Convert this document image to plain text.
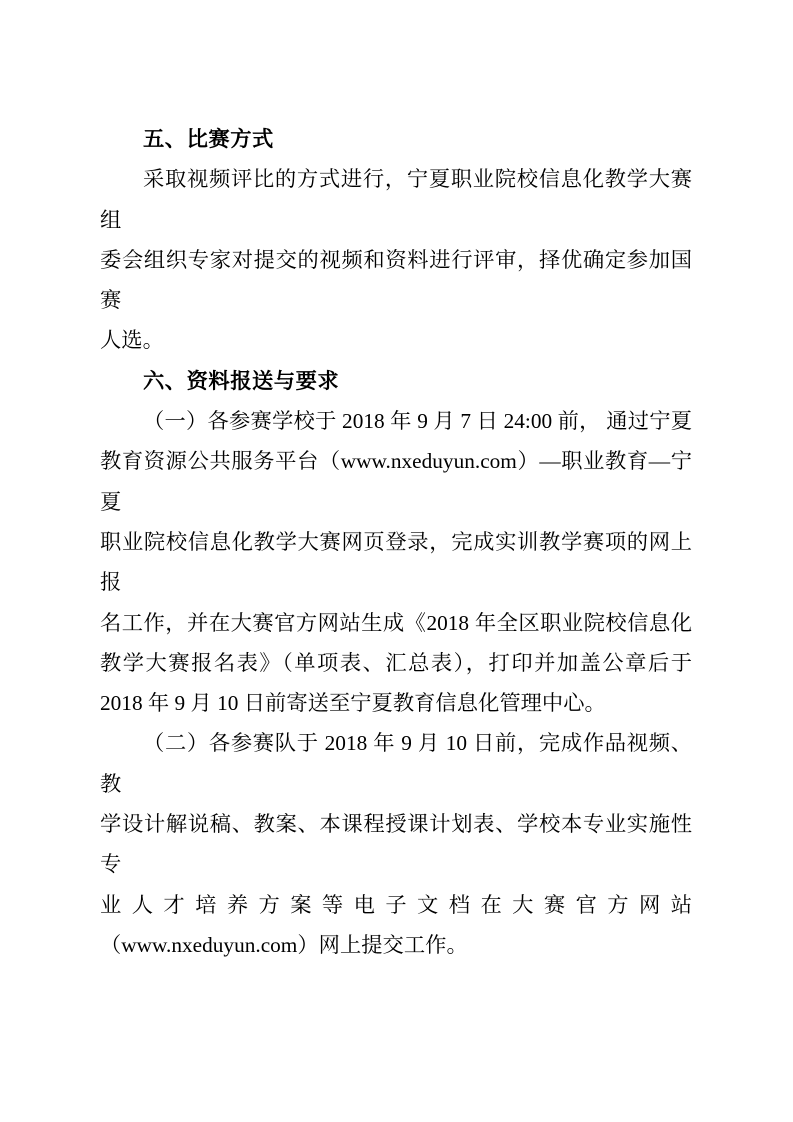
五、比赛方式
采取视频评比的方式进行，宁夏职业院校信息化教学大赛组
委会组织专家对提交的视频和资料进行评审，择优确定参加国赛
人选。
六、资料报送与要求
（一）各参赛学校于 2018 年 9 月 7 日 24:00 前， 通过宁夏
教育资源公共服务平台（www.nxeduyun.com）—职业教育—宁夏
职业院校信息化教学大赛网页登录，完成实训教学赛项的网上报
名工作，并在大赛官方网站生成《2018 年全区职业院校信息化
教学大赛报名表》（单项表、汇总表），打印并加盖公章后于
2018 年 9 月 10 日前寄送至宁夏教育信息化管理中心。
（二）各参赛队于 2018 年 9 月 10 日前，完成作品视频、教
学设计解说稿、教案、本课程授课计划表、学校本专业实施性专
业人才培养方案等电子文档在大赛官方网站
（www.nxeduyun.com）网上提交工作。
